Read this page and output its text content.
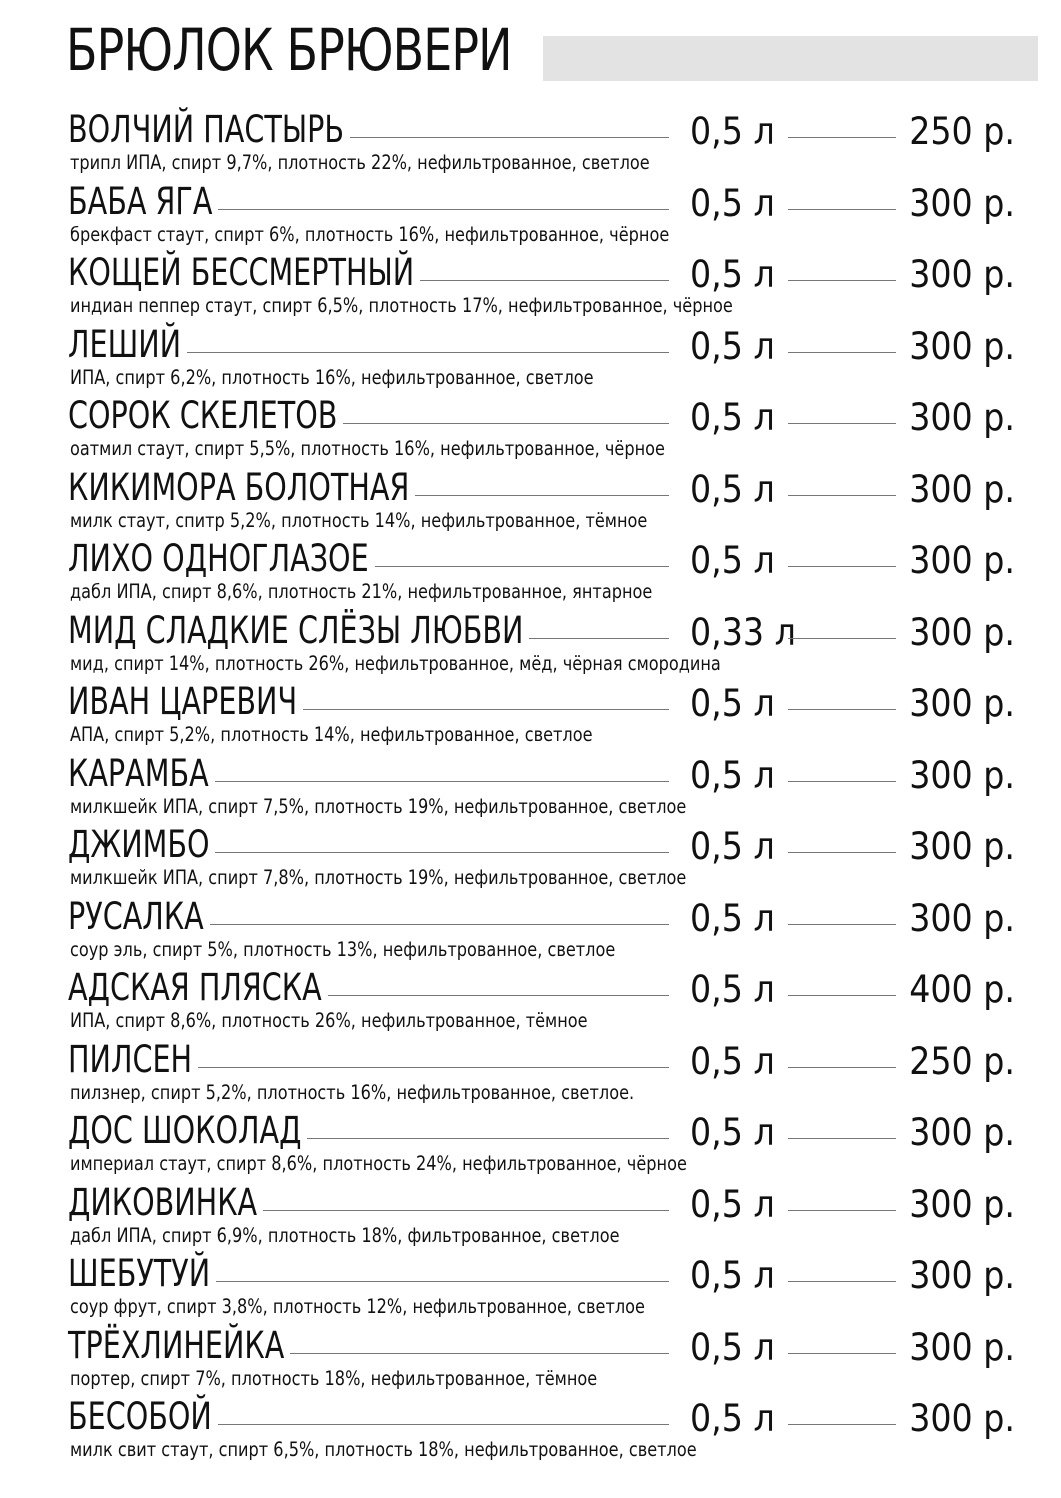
БРЮЛОК БРЮВЕРИ
ВОЛЧИЙ ПАСТЫРЬ	0,5 л	250 р.
трипл ИПА, спирт 9,7%, плотность 22%, нефильтрованное, светлое
БАБА ЯГА	0,5 л	300 р.
брекфаст стаут, спирт 6%, плотность 16%, нефильтрованное, чёрное
КОЩЕЙ БЕССМЕРТНЫЙ	0,5 л	300 р.
индиан пеппер стаут, спирт 6,5%, плотность 17%, нефильтрованное, чёрное
ЛЕШИЙ	0,5 л	300 р.
ИПА, спирт 6,2%, плотность 16%, нефильтрованное, светлое
СОРОК СКЕЛЕТОВ	0,5 л	300 р.
оатмил стаут, спирт 5,5%, плотность 16%, нефильтрованное, чёрное
КИКИМОРА БОЛОТНАЯ	0,5 л	300 р.
милк стаут, спитр 5,2%, плотность 14%, нефильтрованное, тёмное
ЛИХО ОДНОГЛАЗОЕ	0,5 л	300 р.
дабл ИПА, спирт 8,6%, плотность 21%, нефильтрованное, янтарное
МИД СЛАДКИЕ СЛЁЗЫ ЛЮБВИ	0,33 л	300 р.
мид, спирт 14%, плотность 26%, нефильтрованное, мёд, чёрная смородина
ИВАН ЦАРЕВИЧ	0,5 л	300 р.
АПА, спирт 5,2%, плотность 14%, нефильтрованное, светлое
КАРАМБА	0,5 л	300 р.
милкшейк ИПА, спирт 7,5%, плотность 19%, нефильтрованное, светлое
ДЖИМБО	0,5 л	300 р.
милкшейк ИПА, спирт 7,8%, плотность 19%, нефильтрованное, светлое
РУСАЛКА	0,5 л	300 р.
соур эль, спирт 5%, плотность 13%, нефильтрованное, светлое
АДСКАЯ ПЛЯСКА	0,5 л	400 р.
ИПА, спирт 8,6%, плотность 26%, нефильтрованное, тёмное
ПИЛСЕН	0,5 л	250 р.
пилзнер, спирт 5,2%, плотность 16%, нефильтрованное, светлое.
ДОС ШОКОЛАД	0,5 л	300 р.
империал стаут, спирт 8,6%, плотность 24%, нефильтрованное, чёрное
ДИКОВИНКА	0,5 л	300 р.
дабл ИПА, спирт 6,9%, плотность 18%, фильтрованное, светлое
ШЕБУТУЙ	0,5 л	300 р.
соур фрут, спирт 3,8%, плотность 12%, нефильтрованное, светлое
ТРЁХЛИНЕЙКА	0,5 л	300 р.
портер, спирт 7%, плотность 18%, нефильтрованное, тёмное
БЕСОБОЙ	0,5 л	300 р.
милк свит стаут, спирт 6,5%, плотность 18%, нефильтрованное, светлое
